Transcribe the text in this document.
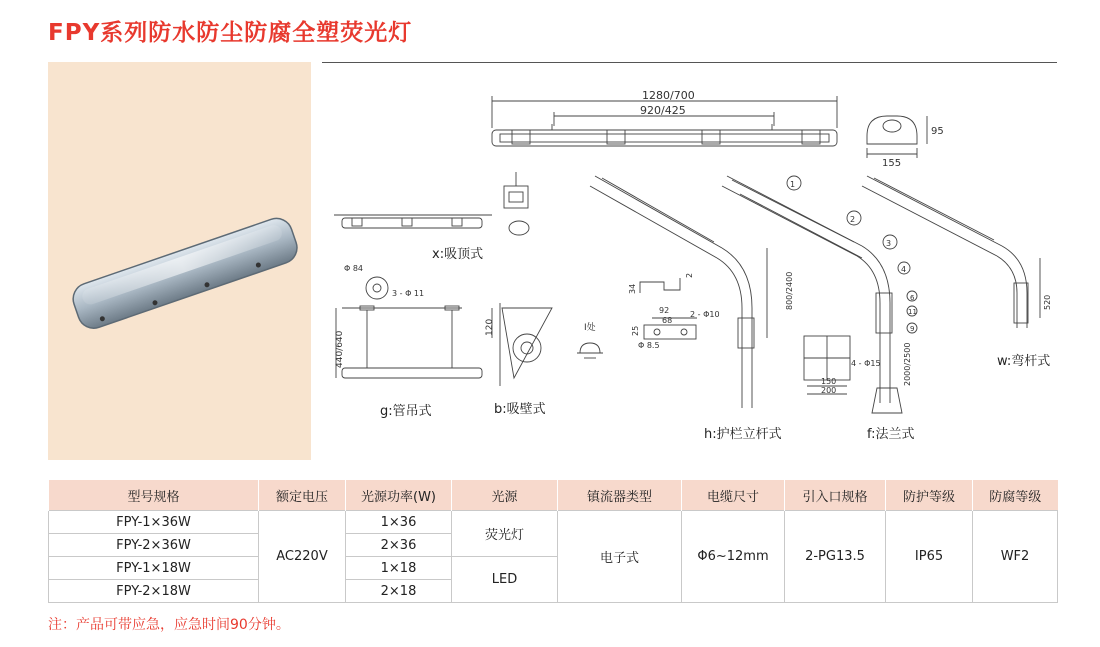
FPY系列防水防尘防腐全塑荧光灯
1280/700
920/425
155
95
Φ 84
3 - Φ 11
440/640
120	I处
34
2
92
68
2 - Φ10
25
Φ 8.5
800/2400
1
2
3
4
6
11
9
150
200
4 - Φ15	2000/2500
520
x:吸顶式
g:管吊式	b:吸壁式
h:护栏立杆式	f:法兰式
w:弯杆式
型号规格	额定电压	光源功率(W)	光源	镇流器类型	电缆尺寸	引入口规格	防护等级	防腐等级
FPY-1×36W	AC220V	1×36	荧光灯	电子式	Φ6~12mm	2-PG13.5	IP65	WF2
FPY-2×36W		2×36						
FPY-1×18W		1×18	LED					
FPY-2×18W		2×18						
注：产品可带应急，应急时间90分钟。
